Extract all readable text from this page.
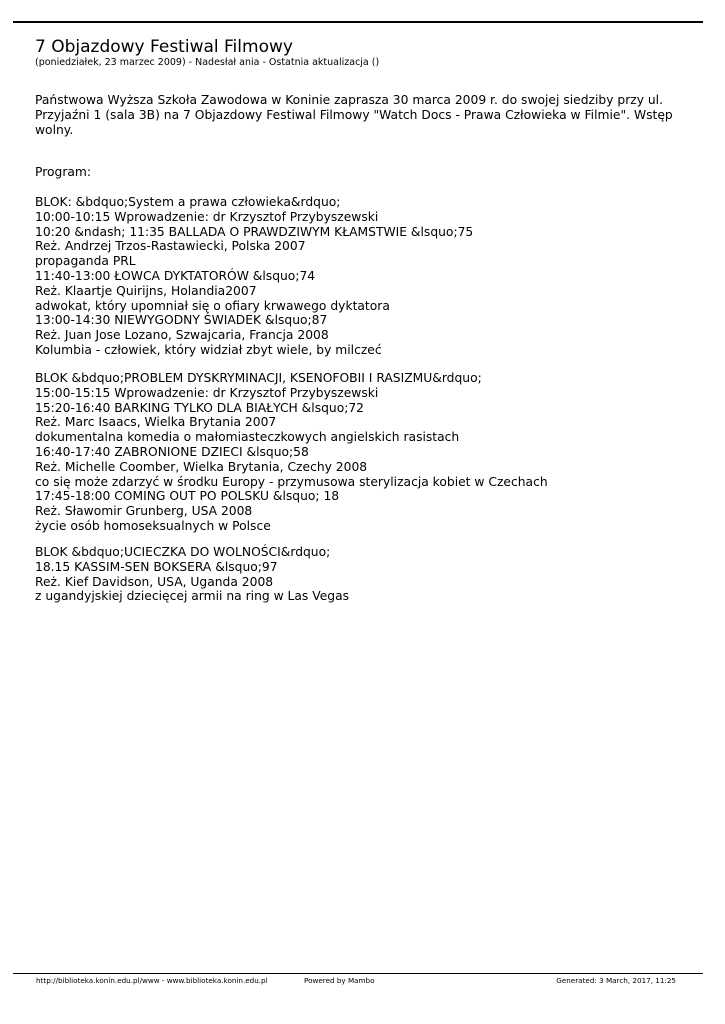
7 Objazdowy Festiwal Filmowy

(poniedziałek, 23 marzec 2009) - Nadesłał ania - Ostatnia aktualizacja ()

Państwowa Wyższa Szkoła Zawodowa w Koninie zaprasza 30 marca 2009 r. do swojej siedziby przy ul. Przyjaźni 1 (sala 3B) na 7 Objazdowy Festiwal Filmowy "Watch Docs - Prawa Człowieka w Filmie". Wstęp wolny.

Program:

BLOK: &bdquo;System a prawa człowieka&rdquo;
10:00-10:15 Wprowadzenie: dr Krzysztof Przybyszewski
10:20 &ndash; 11:35 BALLADA O PRAWDZIWYM KŁAMSTWIE &lsquo;75
Reż. Andrzej Trzos-Rastawiecki, Polska 2007
propaganda PRL
11:40-13:00 ŁOWCA DYKTATORÓW &lsquo;74
Reż. Klaartje Quirijns, Holandia2007
adwokat, który upomniał się o ofiary krwawego dyktatora
13:00-14:30 NIEWYGODNY ŚWIADEK &lsquo;87
Reż. Juan Jose Lozano, Szwajcaria, Francja 2008
Kolumbia - człowiek, który widział zbyt wiele, by milczeć
BLOK &bdquo;PROBLEM DYSKRYMINACJI, KSENOFOBII I RASIZMU&rdquo;
15:00-15:15 Wprowadzenie: dr Krzysztof Przybyszewski
15:20-16:40 BARKING TYLKO DLA BIAŁYCH &lsquo;72
Reż. Marc Isaacs, Wielka Brytania 2007
dokumentalna komedia o małomiasteczkowych angielskich rasistach
16:40-17:40 ZABRONIONE DZIECI &lsquo;58
Reż. Michelle Coomber, Wielka Brytania, Czechy 2008
co się może zdarzyć w środku Europy - przymusowa sterylizacja kobiet w Czechach
17:45-18:00 COMING OUT PO POLSKU &lsquo; 18
Reż. Sławomir Grunberg, USA 2008
życie osób homoseksualnych w Polsce
BLOK &bdquo;UCIECZKA DO WOLNOŚCI&rdquo;
18.15 KASSIM-SEN BOKSERA &lsquo;97
Reż. Kief Davidson, USA, Uganda 2008
z ugandyjskiej dziecięcej armii na ring w Las Vegas
http://biblioteka.konin.edu.pl/www - www.biblioteka.konin.edu.pl	Powered by Mambo	Generated: 3 March, 2017, 11:25
